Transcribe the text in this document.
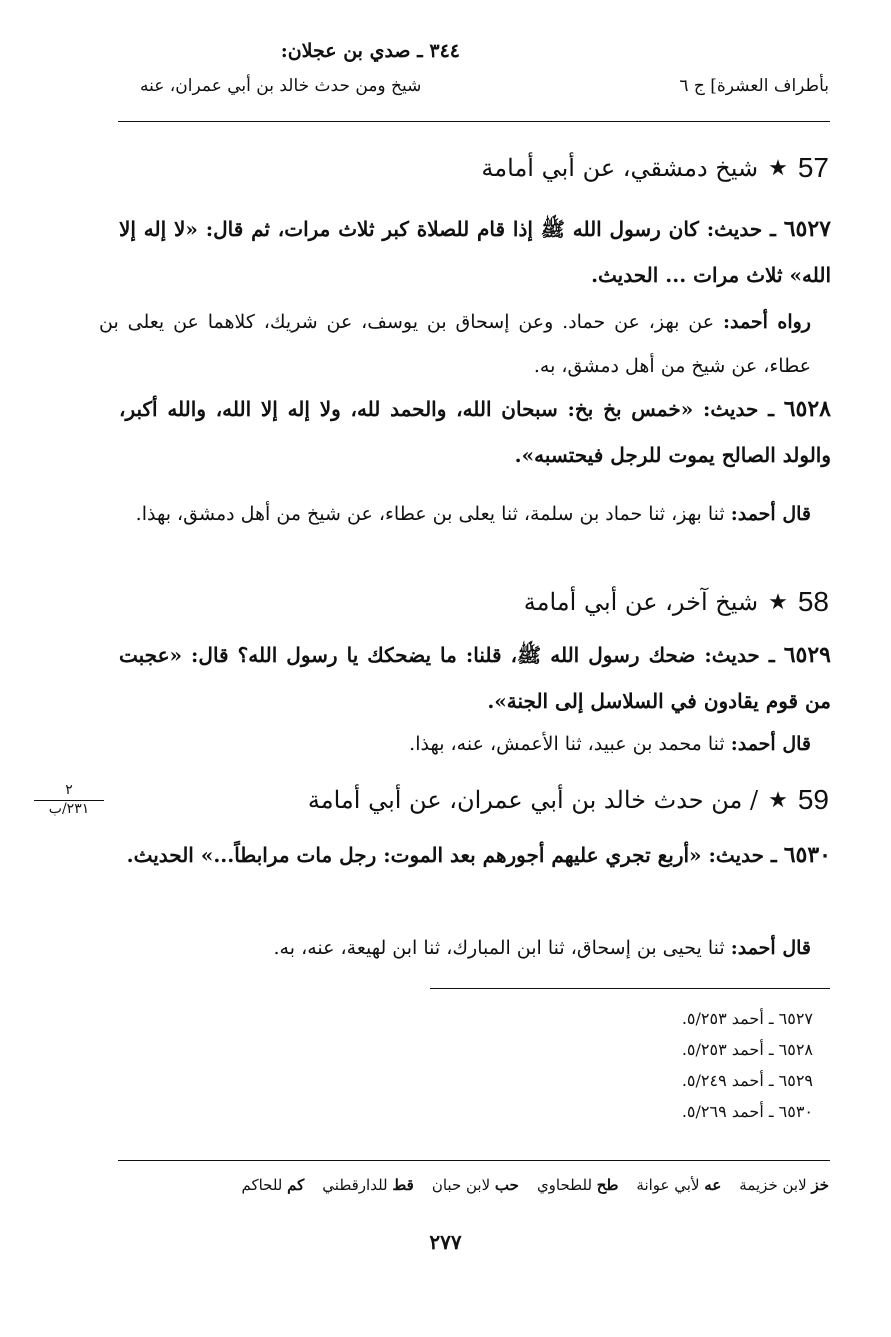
٣٤٤ ـ صدي بن عجلان:
بأطراف العشرة] ج ٦
شيخ ومن حدث خالد بن أبي عمران، عنه
57
★
شيخ دمشقي، عن أبي أمامة
٦٥٢٧ ـ حديث: كان رسول الله ﷺ إذا قام للصلاة كبر ثلاث مرات، ثم قال: «لا إله إلا الله» ثلاث مرات ... الحديث.
رواه أحمد: عن بهز، عن حماد. وعن إسحاق بن يوسف، عن شريك، كلاهما عن يعلى بن عطاء، عن شيخ من أهل دمشق، به.
٦٥٢٨ ـ حديث: «خمس بخ بخ: سبحان الله، والحمد لله، ولا إله إلا الله، والله أكبر، والولد الصالح يموت للرجل فيحتسبه».
قال أحمد: ثنا بهز، ثنا حماد بن سلمة، ثنا يعلى بن عطاء، عن شيخ من أهل دمشق، بهذا.
58
★
شيخ آخر، عن أبي أمامة
٦٥٢٩ ـ حديث: ضحك رسول الله ﷺ، قلنا: ما يضحكك يا رسول الله؟ قال: «عجبت من قوم يقادون في السلاسل إلى الجنة».
قال أحمد: ثنا محمد بن عبيد، ثنا الأعمش، عنه، بهذا.
59
★
/ من حدث خالد بن أبي عمران، عن أبي أمامة
٢
٢٣١/ب
٦٥٣٠ ـ حديث: «أربع تجري عليهم أجورهم بعد الموت: رجل مات مرابطاً...» الحديث.
قال أحمد: ثنا يحيى بن إسحاق، ثنا ابن المبارك، ثنا ابن لهيعة، عنه، به.
٦٥٢٧ ـ أحمد ٥/٢٥٣.
٦٥٢٨ ـ أحمد ٥/٢٥٣.
٦٥٢٩ ـ أحمد ٥/٢٤٩.
٦٥٣٠ ـ أحمد ٥/٢٦٩.
خز لابن خزيمة
عه لأبي عوانة
طح للطحاوي
حب لابن حبان
قط للدارقطني
كم للحاكم
٢٧٧
